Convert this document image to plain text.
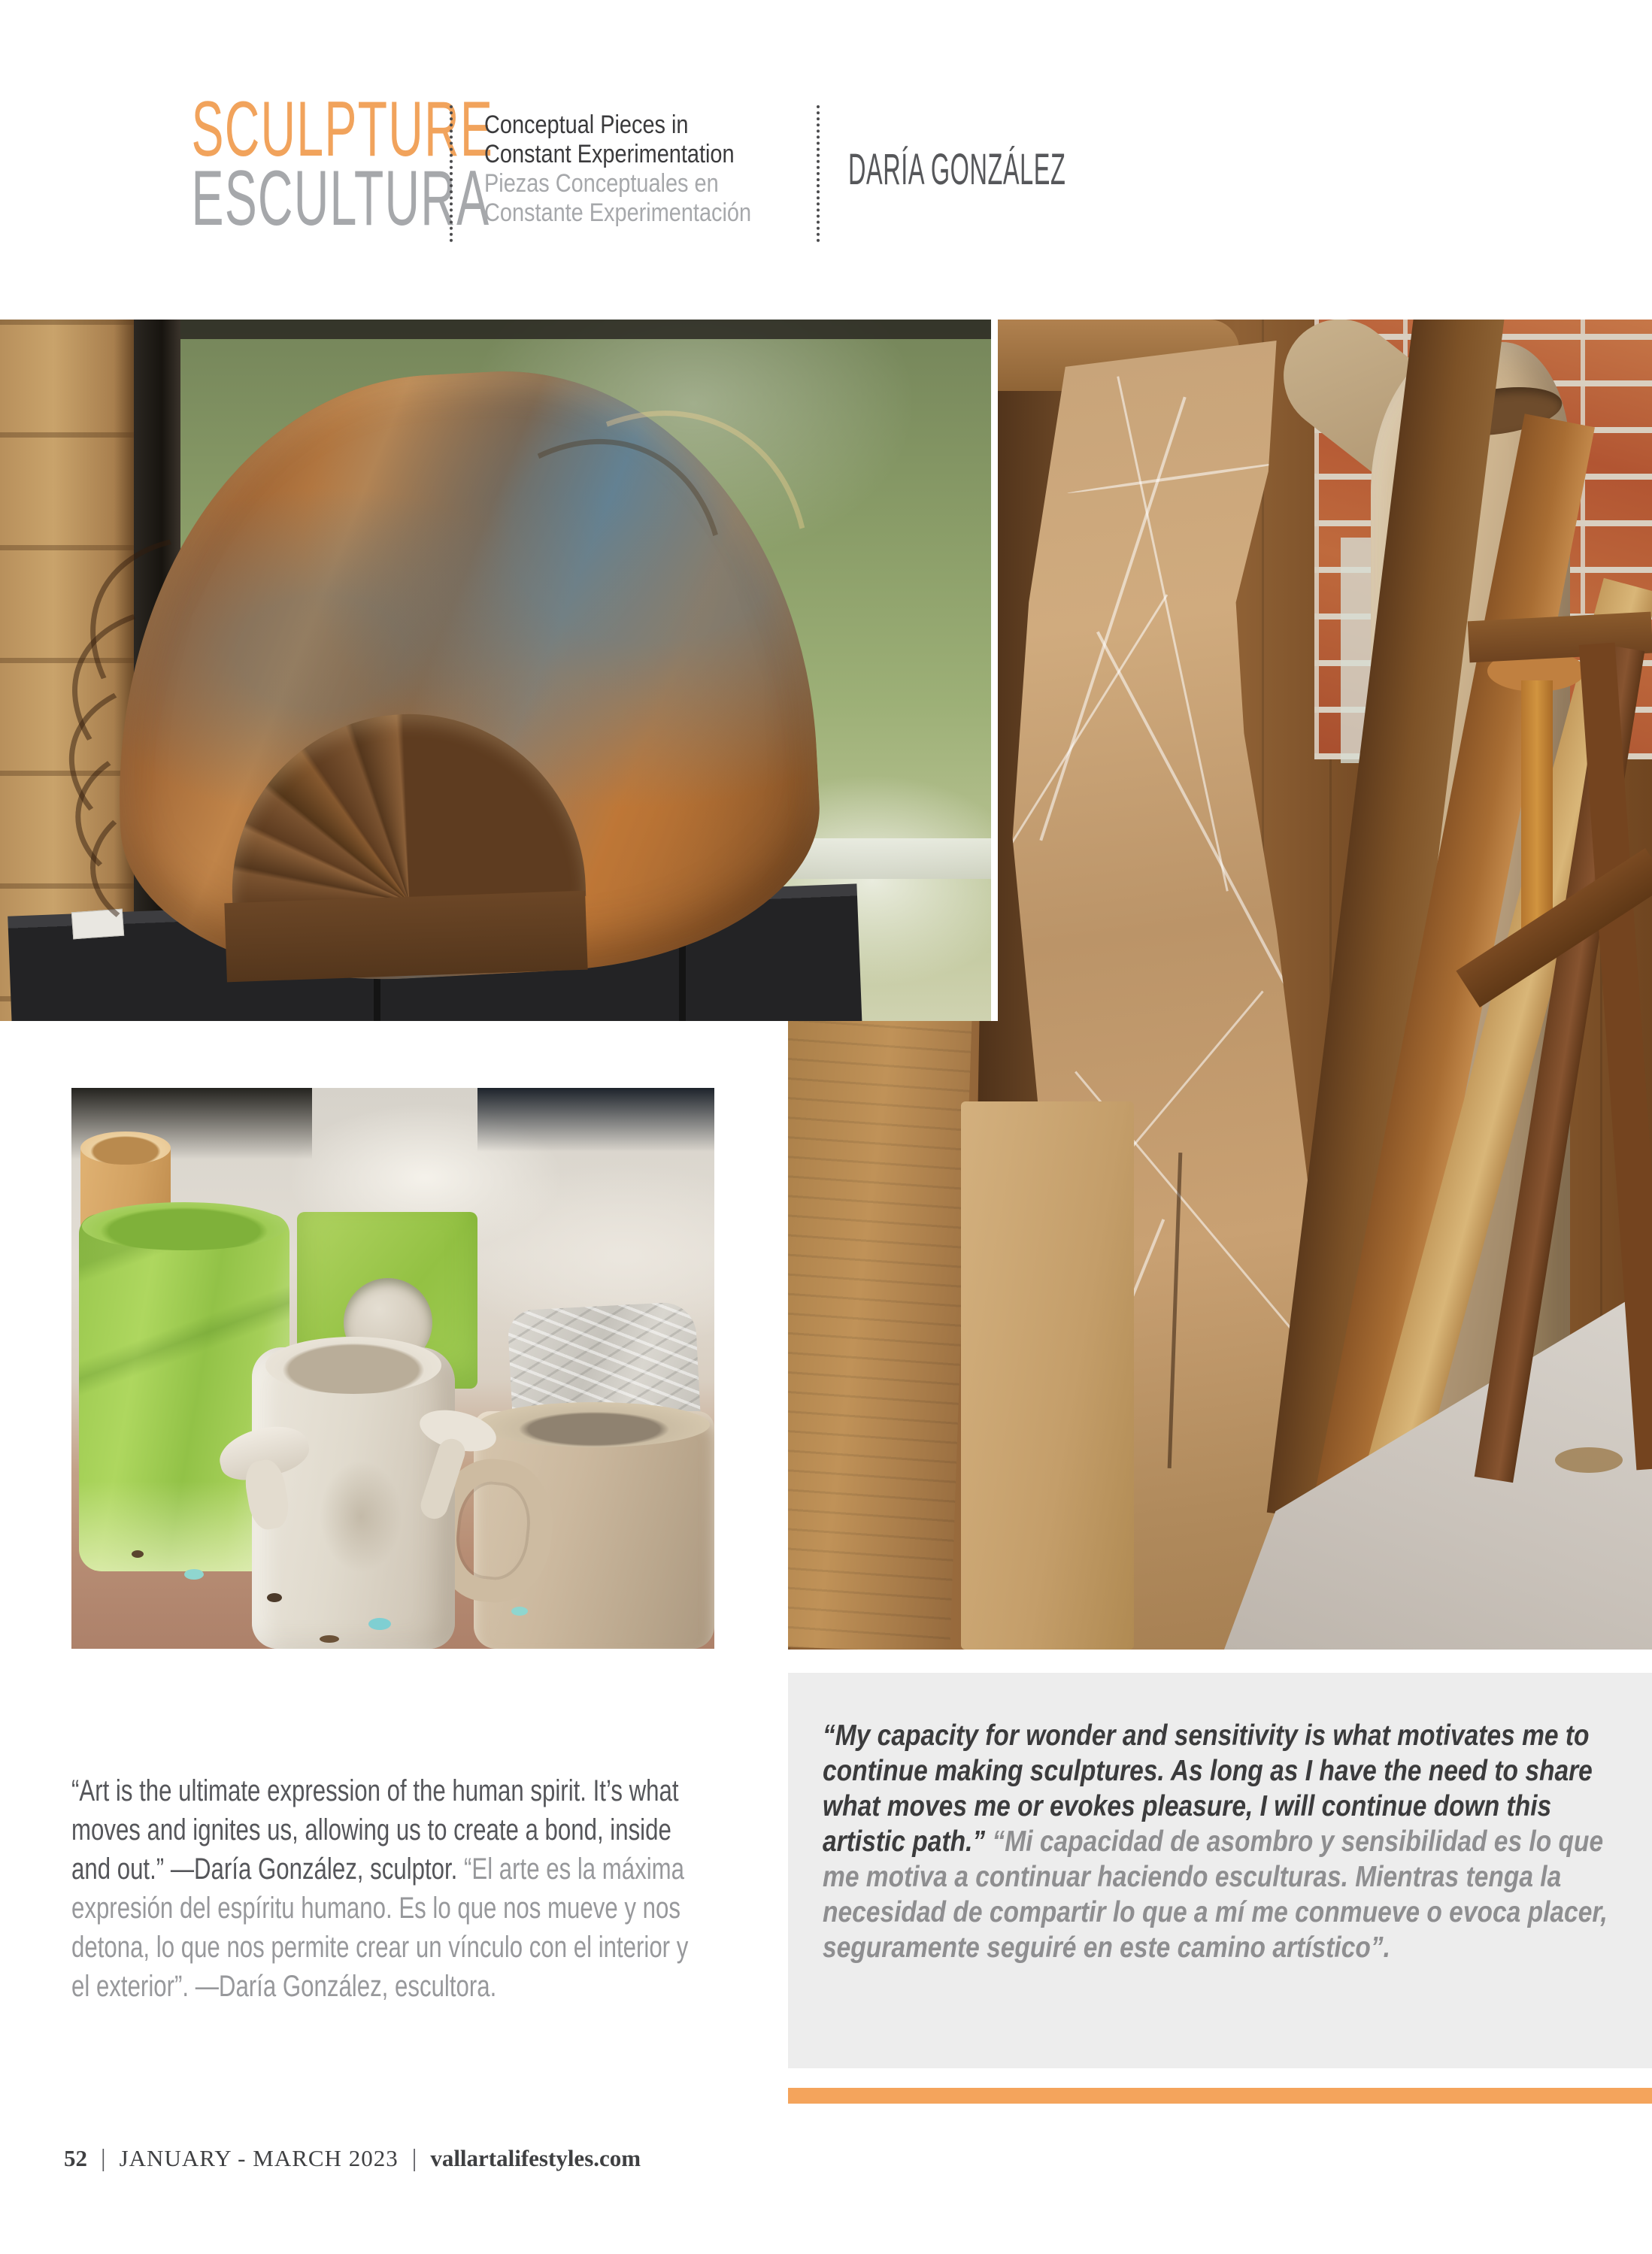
SCULPTURE
ESCULTURA
Conceptual Pieces in
Constant Experimentation
Piezas Conceptuales en
Constante Experimentación
DARÍA GONZÁLEZ

“Art is the ultimate expression of the human spirit. It’s what moves and ignites us, allowing us to create a bond, inside and out.” —Daría González, sculptor. “El arte es la máxima expresión del espíritu humano. Es lo que nos mueve y nos detona, lo que nos permite crear un vínculo con el interior y el exterior”. —Daría González, escultora.

“My capacity for wonder and sensitivity is what motivates me to continue making sculptures. As long as I have the need to share what moves me or evokes pleasure, I will continue down this artistic path.” “Mi capacidad de asombro y sensibilidad es lo que me motiva a continuar haciendo esculturas. Mientras tenga la necesidad de compartir lo que a mí me conmueve o evoca placer, seguramente seguiré en este camino artístico”.

52 | JANUARY - MARCH 2023 | vallartalifestyles.com
